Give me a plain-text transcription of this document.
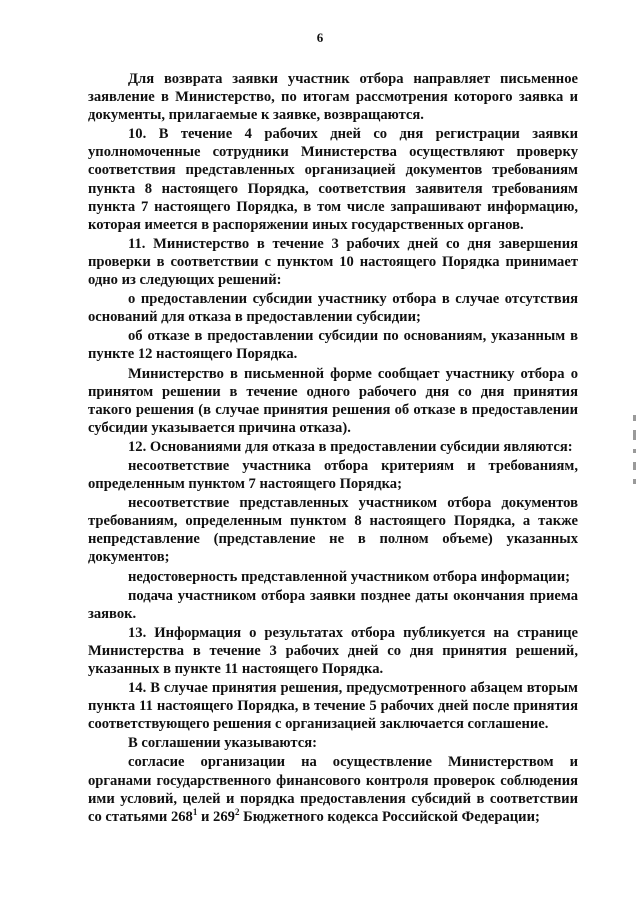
6

Для возврата заявки участник отбора направляет письменное заявление в Министерство, по итогам рассмотрения которого заявка и документы, прилагаемые к заявке, возвращаются.

10. В течение 4 рабочих дней со дня регистрации заявки уполномоченные сотрудники Министерства осуществляют проверку соответствия представленных организацией документов требованиям пункта 8 настоящего Порядка, соответствия заявителя требованиям пункта 7 настоящего Порядка, в том числе запрашивают информацию, которая имеется в распоряжении иных государственных органов.

11. Министерство в течение 3 рабочих дней со дня завершения проверки в соответствии с пунктом 10 настоящего Порядка принимает одно из следующих решений:

о предоставлении субсидии участнику отбора в случае отсутствия оснований для отказа в предоставлении субсидии;

об отказе в предоставлении субсидии по основаниям, указанным в пункте 12 настоящего Порядка.

Министерство в письменной форме сообщает участнику отбора о принятом решении в течение одного рабочего дня со дня принятия такого решения (в случае принятия решения об отказе в предоставлении субсидии указывается причина отказа).

12. Основаниями для отказа в предоставлении субсидии являются:

несоответствие участника отбора критериям и требованиям, определенным пунктом 7 настоящего Порядка;

несоответствие представленных участником отбора документов требованиям, определенным пунктом 8 настоящего Порядка, а также непредставление (представление не в полном объеме) указанных документов;

недостоверность представленной участником отбора информации;

подача участником отбора заявки позднее даты окончания приема заявок.

13. Информация о результатах отбора публикуется на странице Министерства в течение 3 рабочих дней со дня принятия решений, указанных в пункте 11 настоящего Порядка.

14. В случае принятия решения, предусмотренного абзацем вторым пункта 11 настоящего Порядка, в течение 5 рабочих дней после принятия соответствующего решения с организацией заключается соглашение.

В соглашении указываются:

согласие организации на осуществление Министерством и органами государственного финансового контроля проверок соблюдения ими условий, целей и порядка предоставления субсидий в соответствии со статьями $268^1$ и $269^2$ Бюджетного кодекса Российской Федерации;
